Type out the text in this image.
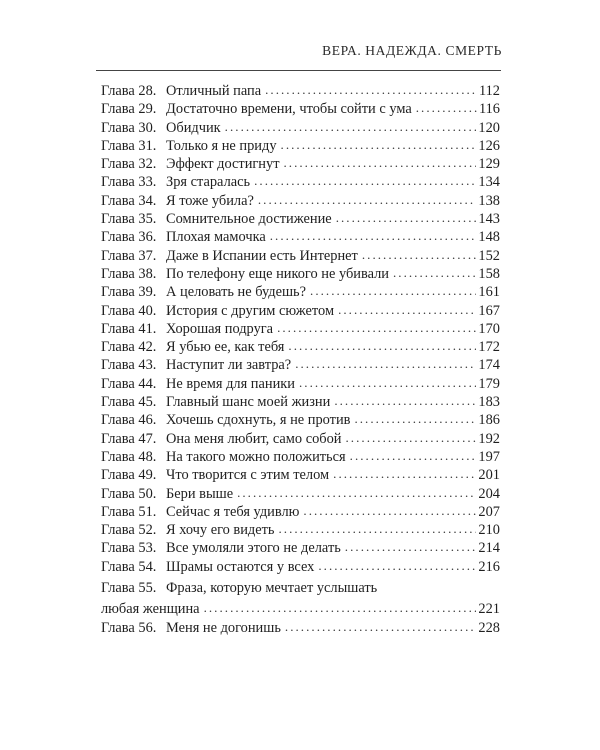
ВЕРА. НАДЕЖДА. СМЕРТЬ
Глава 28. Отличный папа . . .	112
Глава 29. Достаточно времени, чтобы сойти с ума . . .	116
Глава 30. Обидчик . . .	120
Глава 31. Только я не приду . . .	126
Глава 32. Эффект достигнут . . .	129
Глава 33. Зря старалась . . .	134
Глава 34. Я тоже убила? . . .	138
Глава 35. Сомнительное достижение . . .	143
Глава 36. Плохая мамочка . . .	148
Глава 37. Даже в Испании есть Интернет . . .	152
Глава 38. По телефону еще никого не убивали . . .	158
Глава 39. А целовать не будешь? . . .	161
Глава 40. История с другим сюжетом . . .	167
Глава 41. Хорошая подруга . . .	170
Глава 42. Я убью ее, как тебя . . .	172
Глава 43. Наступит ли завтра? . . .	174
Глава 44. Не время для паники . . .	179
Глава 45. Главный шанс моей жизни . . .	183
Глава 46. Хочешь сдохнуть, я не против . . .	186
Глава 47. Она меня любит, само собой . . .	192
Глава 48. На такого можно положиться . . .	197
Глава 49. Что творится с этим телом . . .	201
Глава 50. Бери выше . . .	204
Глава 51. Сейчас я тебя удивлю . . .	207
Глава 52. Я хочу его видеть . . .	210
Глава 53. Все умоляли этого не делать . . .	214
Глава 54. Шрамы остаются у всех . . .	216
Глава 55. Фраза, которую мечтает услышать
любая женщина . . .	221
Глава 56. Меня не догонишь . . .	228
